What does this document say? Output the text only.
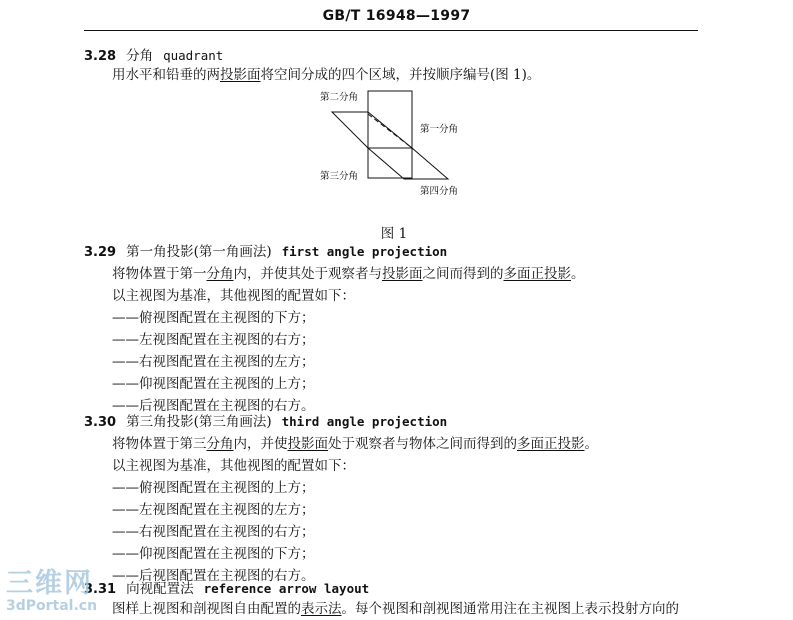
GB/T 16948—1997
3.28 分角 quadrant
用水平和铅垂的两投影面将空间分成的四个区域，并按顺序编号(图 1)。
第二分角
第一分角
第三分角
第四分角
图 1
3.29 第一角投影(第一角画法) first angle projection
将物体置于第一分角内，并使其处于观察者与投影面之间而得到的多面正投影。
以主视图为基准，其他视图的配置如下：
——俯视图配置在主视图的下方；
——左视图配置在主视图的右方；
——右视图配置在主视图的左方；
——仰视图配置在主视图的上方；
——后视图配置在主视图的右方。
3.30 第三角投影(第三角画法) third angle projection
将物体置于第三分角内，并使投影面处于观察者与物体之间而得到的多面正投影。
以主视图为基准，其他视图的配置如下：
——俯视图配置在主视图的上方；
——左视图配置在主视图的左方；
——右视图配置在主视图的右方；
——仰视图配置在主视图的下方；
——后视图配置在主视图的右方。
3.31 向视配置法 reference arrow layout
图样上视图和剖视图自由配置的表示法。每个视图和剖视图通常用注在主视图上表示投射方向的
三维网
3dPortal.cn
